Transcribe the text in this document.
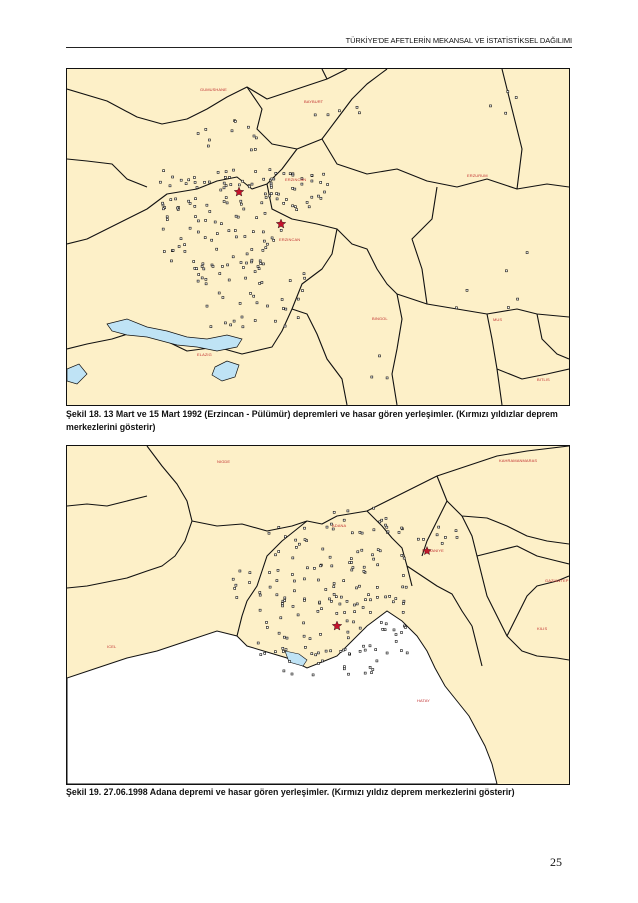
TÜRKİYE'DE AFETLERİN MEKANSAL VE İSTATİSTİKSEL DAĞILIMI
GUMUSHANE
BAYBURT
ERZURUM
ERZINCAN
ERZINCAN
BINGOL	MUS
ELAZIG
BITLIS
Şekil 18. 13 Mart ve 15 Mart 1992 (Erzincan - Pülümür) depremleri ve hasar gören yerleşimler. (Kırmızı yıldızlar deprem merkezlerini gösterir)
NIGDE	KAHRAMANMARAS
ADANA
OSMANIYE
GAZIANTEP
KILIS
ICEL
HATAY
Şekil 19. 27.06.1998 Adana depremi ve hasar gören yerleşimler. (Kırmızı yıldız deprem merkezlerini gösterir)
25
